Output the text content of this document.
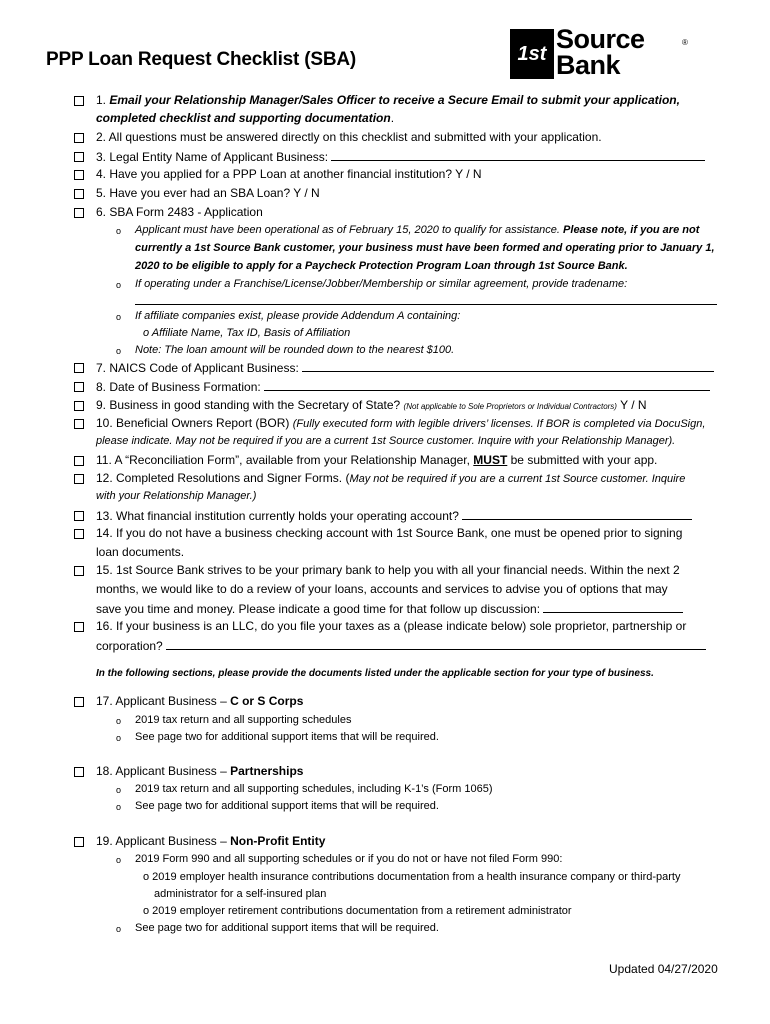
PPP Loan Request Checklist (SBA)	1st Source
Bank
®
1. Email your Relationship Manager/Sales Officer to receive a Secure Email to submit your application,
completed checklist and supporting documentation.
2. All questions must be answered directly on this checklist and submitted with your application.
3. Legal Entity Name of Applicant Business:
4. Have you applied for a PPP Loan at another financial institution? Y / N
5. Have you ever had an SBA Loan? Y / N
6. SBA Form 2483 - Application
o Applicant must have been operational as of February 15, 2020 to qualify for assistance. Please note, if you are not
currently a 1st Source Bank customer, your business must have been formed and operating prior to January 1,
2020 to be eligible to apply for a Paycheck Protection Program Loan through 1st Source Bank.
o If operating under a Franchise/License/Jobber/Membership or similar agreement, provide tradename:
o If affiliate companies exist, please provide Addendum A containing:
o Affiliate Name, Tax ID, Basis of Affiliation
o Note: The loan amount will be rounded down to the nearest $100.
7. NAICS Code of Applicant Business:
8. Date of Business Formation:
9. Business in good standing with the Secretary of State? (Not applicable to Sole Proprietors or Individual Contractors) Y / N
10. Beneficial Owners Report (BOR) (Fully executed form with legible drivers’ licenses. If BOR is completed via DocuSign,
please indicate. May not be required if you are a current 1st Source customer. Inquire with your Relationship Manager).
11. A “Reconciliation Form”, available from your Relationship Manager, MUST be submitted with your app.
12. Completed Resolutions and Signer Forms. (May not be required if you are a current 1st Source customer. Inquire
with your Relationship Manager.)
13. What financial institution currently holds your operating account?
14. If you do not have a business checking account with 1st Source Bank, one must be opened prior to signing
loan documents.
15. 1st Source Bank strives to be your primary bank to help you with all your financial needs. Within the next 2
months, we would like to do a review of your loans, accounts and services to advise you of options that may
save you time and money. Please indicate a good time for that follow up discussion:
16. If your business is an LLC, do you file your taxes as a (please indicate below) sole proprietor, partnership or
corporation?
In the following sections, please provide the documents listed under the applicable section for your type of business.
17. Applicant Business – C or S Corps
o 2019 tax return and all supporting schedules
o See page two for additional support items that will be required.
18. Applicant Business – Partnerships
o 2019 tax return and all supporting schedules, including K-1’s (Form 1065)
o See page two for additional support items that will be required.
19. Applicant Business – Non-Profit Entity
o 2019 Form 990 and all supporting schedules or if you do not or have not filed Form 990:
o 2019 employer health insurance contributions documentation from a health insurance company or third-party
administrator for a self-insured plan
o 2019 employer retirement contributions documentation from a retirement administrator
o See page two for additional support items that will be required.
Updated 04/27/2020
